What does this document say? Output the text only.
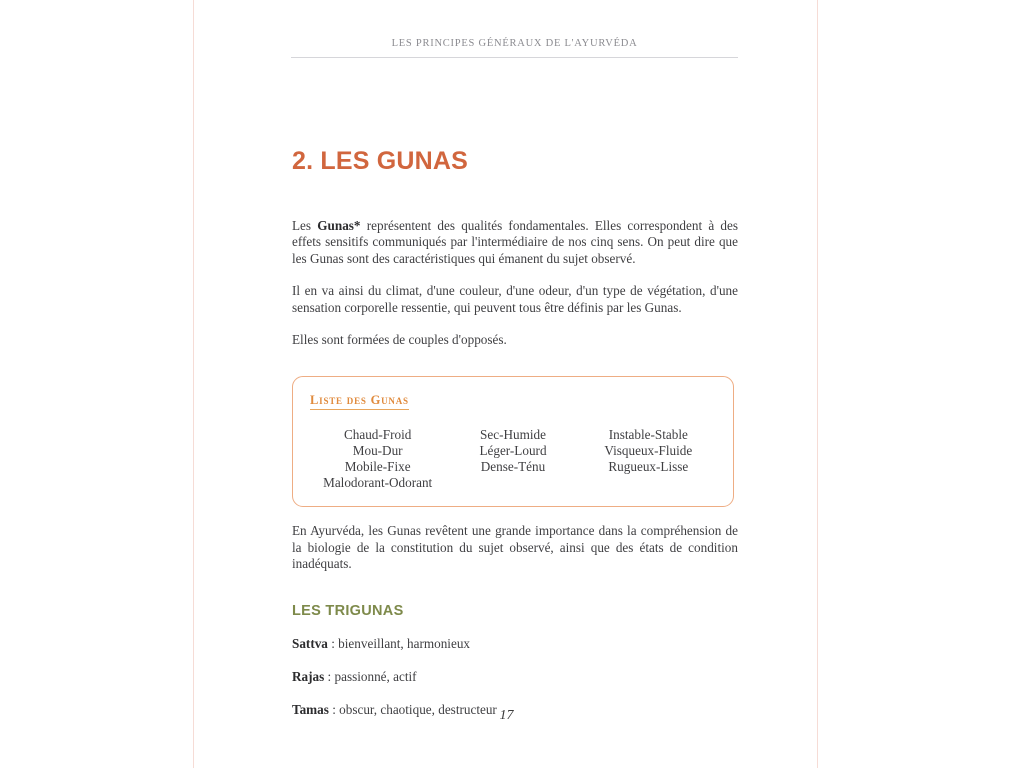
LES PRINCIPES GÉNÉRAUX DE L'AYURVÉDA
2. LES GUNAS

Les Gunas* représentent des qualités fondamentales. Elles correspondent à des effets sensitifs communiqués par l'intermédiaire de nos cinq sens. On peut dire que les Gunas sont des caractéristiques qui émanent du sujet observé.

Il en va ainsi du climat, d'une couleur, d'une odeur, d'un type de végétation, d'une sensation corporelle ressentie, qui peuvent tous être définis par les Gunas.

Elles sont formées de couples d'opposés.

Liste des Gunas
Chaud-Froid
Mou-Dur
Mobile-Fixe
Malodorant-Odorant
Sec-Humide
Léger-Lourd
Dense-Ténu
Instable-Stable
Visqueux-Fluide
Rugueux-Lisse

En Ayurvéda, les Gunas revêtent une grande importance dans la compréhension de la biologie de la constitution du sujet observé, ainsi que des états de condition inadéquats.

LES TRIGUNAS

Sattva : bienveillant, harmonieux

Rajas : passionné, actif

Tamas : obscur, chaotique, destructeur 17
